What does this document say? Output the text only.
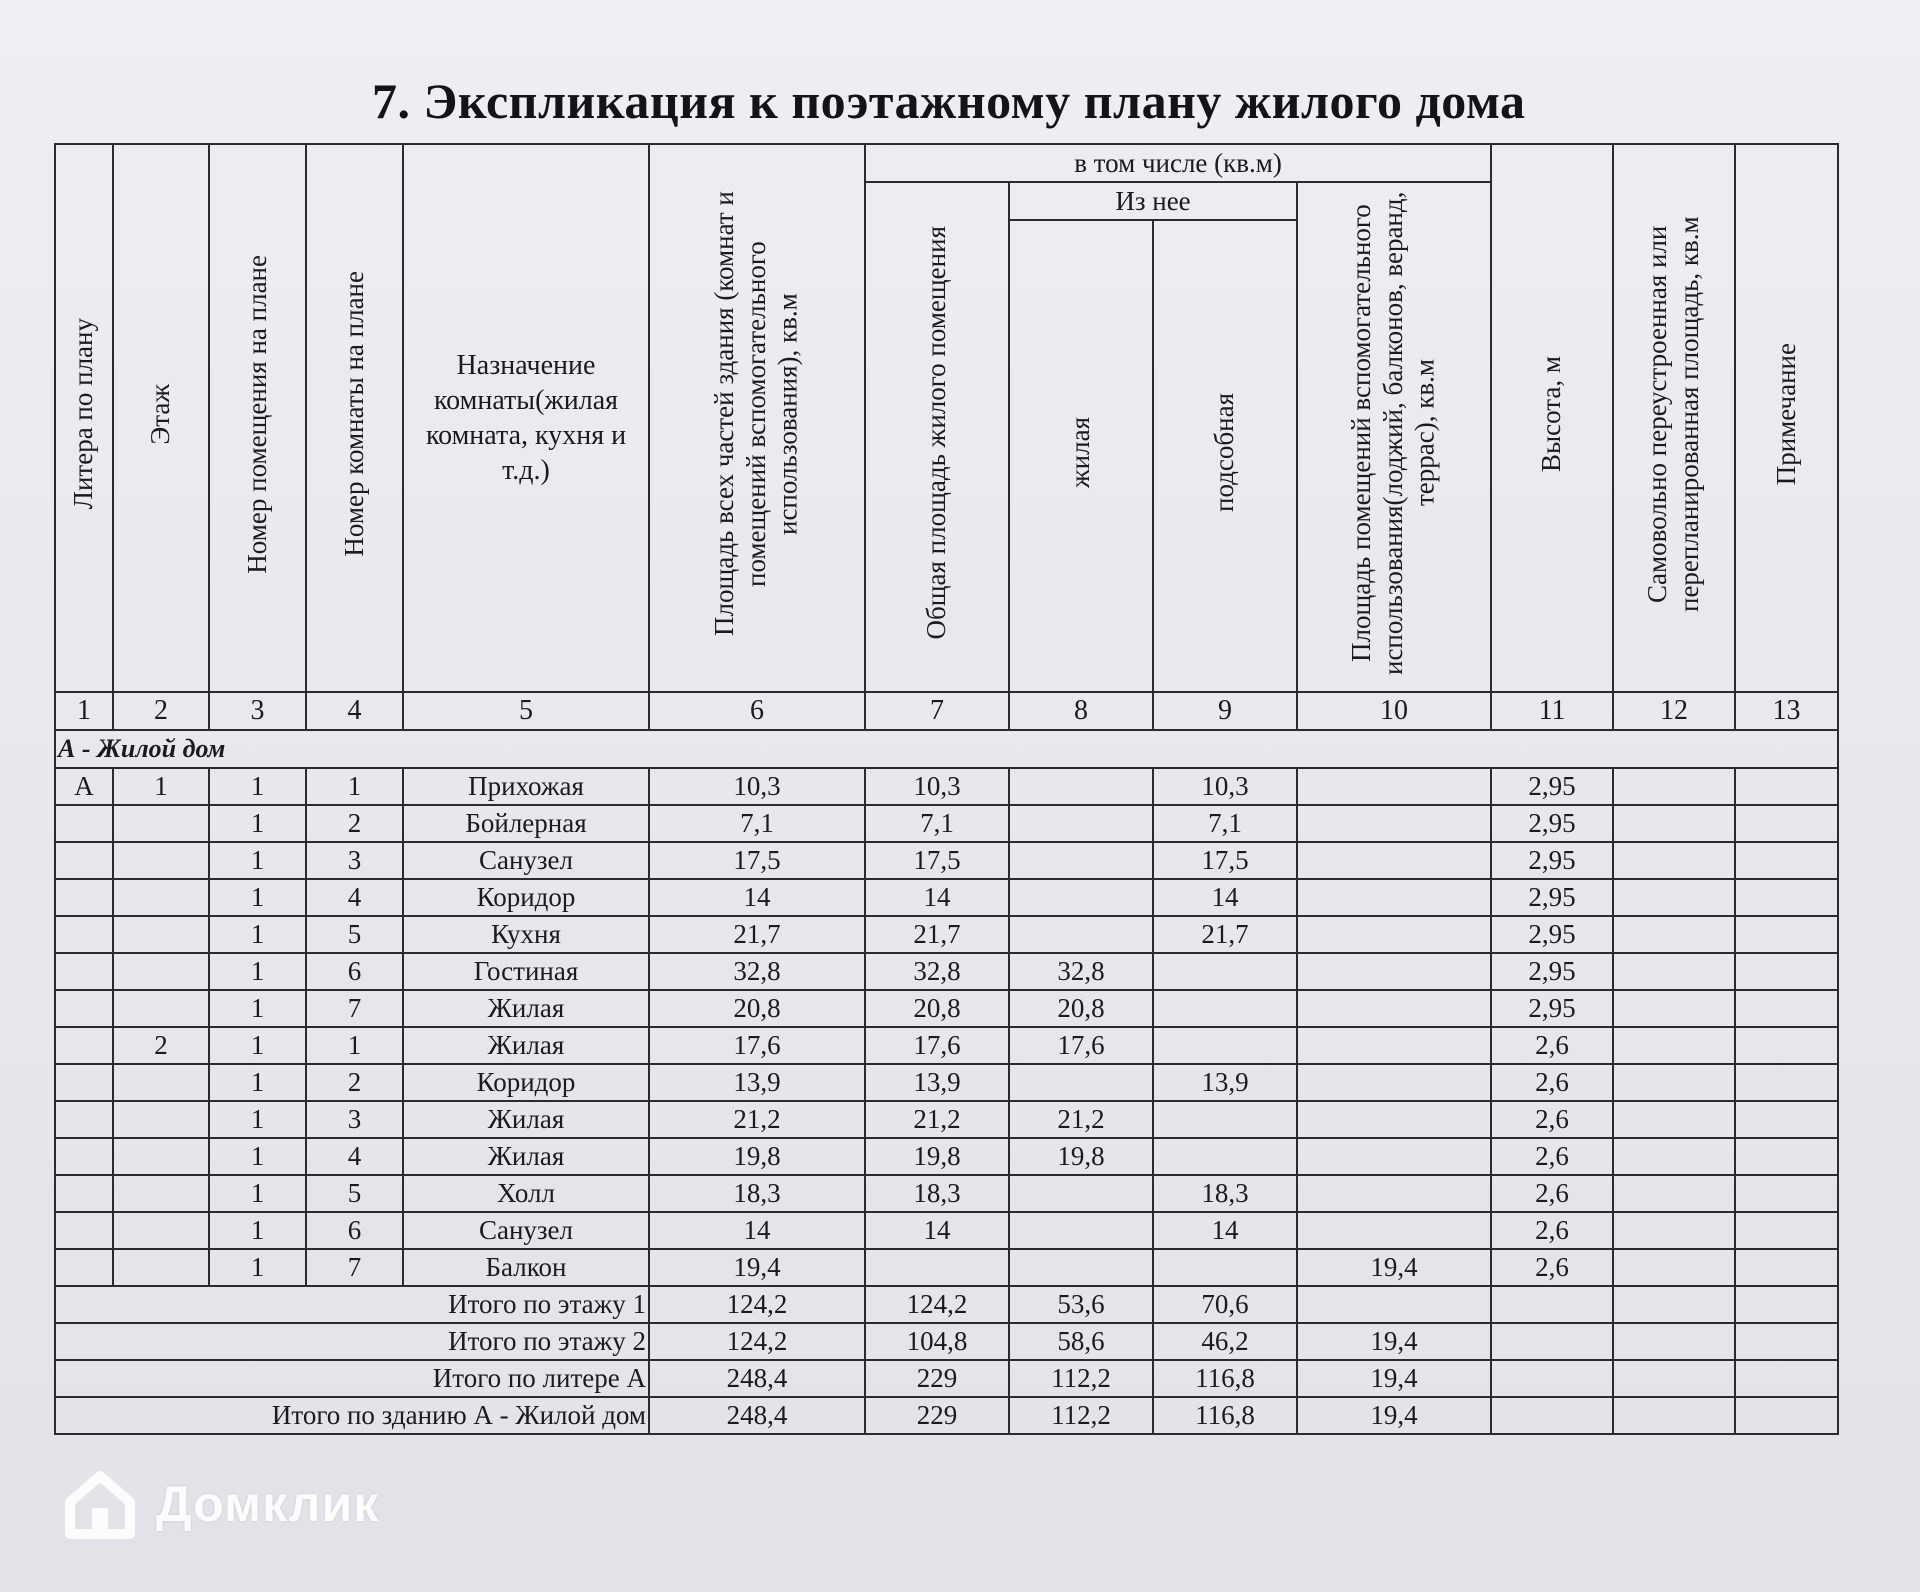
7. Экспликация к поэтажному плану жилого дома
Литера по плану	Этаж	Номер помещения на плане	Номер комнаты на плане	Назначение комнаты(жилая комната, кухня и т.д.)	Площадь всех частей здания (комнат и помещений вспомогательного использования), кв.м	в том числе (кв.м)				Высота, м	Самовольно переустроенная или перепланированная площадь, кв.м	Примечание
						Общая площадь жилого помещения	Из нее		Площадь помещений вспомогательного использования(лоджий, балконов, веранд, террас), кв.м			
							жилая	подсобная				
1	2	3	4	5	6	7	8	9	10	11	12	13
А - Жилой дом												
А	1	1	1	Прихожая	10,3	10,3		10,3		2,95		
		1	2	Бойлерная	7,1	7,1		7,1		2,95		
		1	3	Санузел	17,5	17,5		17,5		2,95		
		1	4	Коридор	14	14		14		2,95		
		1	5	Кухня	21,7	21,7		21,7		2,95		
		1	6	Гостиная	32,8	32,8	32,8			2,95		
		1	7	Жилая	20,8	20,8	20,8			2,95		
	2	1	1	Жилая	17,6	17,6	17,6			2,6		
		1	2	Коридор	13,9	13,9		13,9		2,6		
		1	3	Жилая	21,2	21,2	21,2			2,6		
		1	4	Жилая	19,8	19,8	19,8			2,6		
		1	5	Холл	18,3	18,3		18,3		2,6		
		1	6	Санузел	14	14		14		2,6		
		1	7	Балкон	19,4				19,4	2,6		
Итого по этажу 1					124,2	124,2	53,6	70,6				
Итого по этажу 2					124,2	104,8	58,6	46,2	19,4			
Итого по литере А					248,4	229	112,2	116,8	19,4			
Итого по зданию А - Жилой дом					248,4	229	112,2	116,8	19,4			
Домклик
